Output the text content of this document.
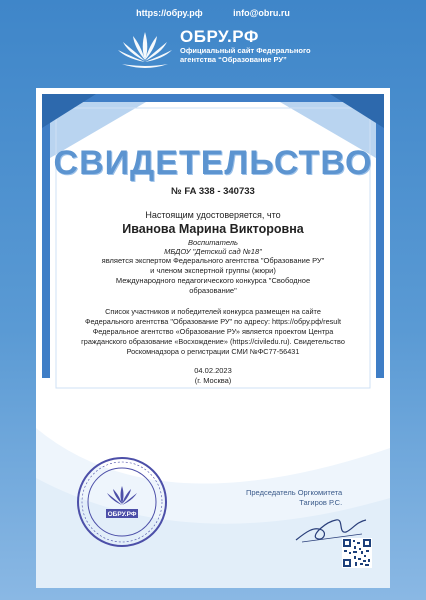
https://обру.рф	info@obru.ru
ОБРУ.РФ
Официальный сайт Федерального
агентства “Образование РУ”
СВИДЕТЕЛЬСТВО
№ FA 338 - 340733
Настоящим удостоверяется, что
Иванова Марина Викторовна
Воспитатель
МБДОУ "Детский сад №18"
является экспертом Федерального агентства "Образование РУ"
и членом экспертной группы (жюри)
Международного педагогического конкурса "Свободное
образование"
Список участников и победителей конкурса размещен на сайте
Федерального агентства "Образование РУ" по адресу: https://обру.рф/result
Федеральное агентство «Образование РУ» является проектом Центра
гражданского образование «Восхождение» (https://civiledu.ru). Свидетельство
Роскомнадзора о регистрации СМИ №ФС77-56431
04.02.2023
(г. Москва)
ОБРУ.РФ
Председатель Оргкомитета
Тагиров Р.С.
